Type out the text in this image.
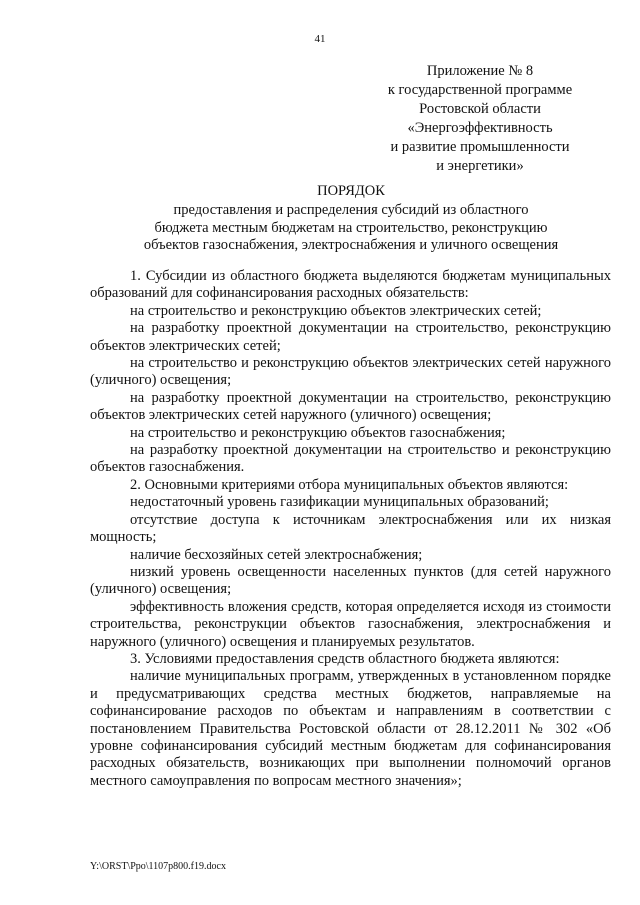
41
Приложение № 8
к государственной программе
Ростовской области
«Энергоэффективность
и развитие промышленности
и энергетики»
ПОРЯДОК
предоставления и распределения субсидий из областного
бюджета местным бюджетам на строительство, реконструкцию
объектов газоснабжения, электроснабжения и уличного освещения

1. Субсидии из областного бюджета выделяются бюджетам муниципальных образований для софинансирования расходных обязательств:

на строительство и реконструкцию объектов электрических сетей;

на разработку проектной документации на строительство, реконструкцию объектов электрических сетей;

на строительство и реконструкцию объектов электрических сетей наружного (уличного) освещения;

на разработку проектной документации на строительство, реконструкцию объектов электрических сетей наружного (уличного) освещения;

на строительство и реконструкцию объектов газоснабжения;

на разработку проектной документации на строительство и реконструкцию объектов газоснабжения.

2. Основными критериями отбора муниципальных объектов являются:

недостаточный уровень газификации муниципальных образований;

отсутствие доступа к источникам электроснабжения или их низкая мощность;

наличие бесхозяйных сетей электроснабжения;

низкий уровень освещенности населенных пунктов (для сетей наружного (уличного) освещения;

эффективность вложения средств, которая определяется исходя из стоимости строительства, реконструкции объектов газоснабжения, электроснабжения и наружного (уличного) освещения и планируемых результатов.

3. Условиями предоставления средств областного бюджета являются:

наличие муниципальных программ, утвержденных в установленном порядке и предусматривающих средства местных бюджетов, направляемые на софинансирование расходов по объектам и направлениям в соответствии с постановлением Правительства Ростовской области от 28.12.2011 № 302 «Об уровне софинансирования субсидий местным бюджетам для софинансирования расходных обязательств, возникающих при выполнении полномочий органов местного самоуправления по вопросам местного значения»;

Y:\ORST\Ppo\1107p800.f19.docx
